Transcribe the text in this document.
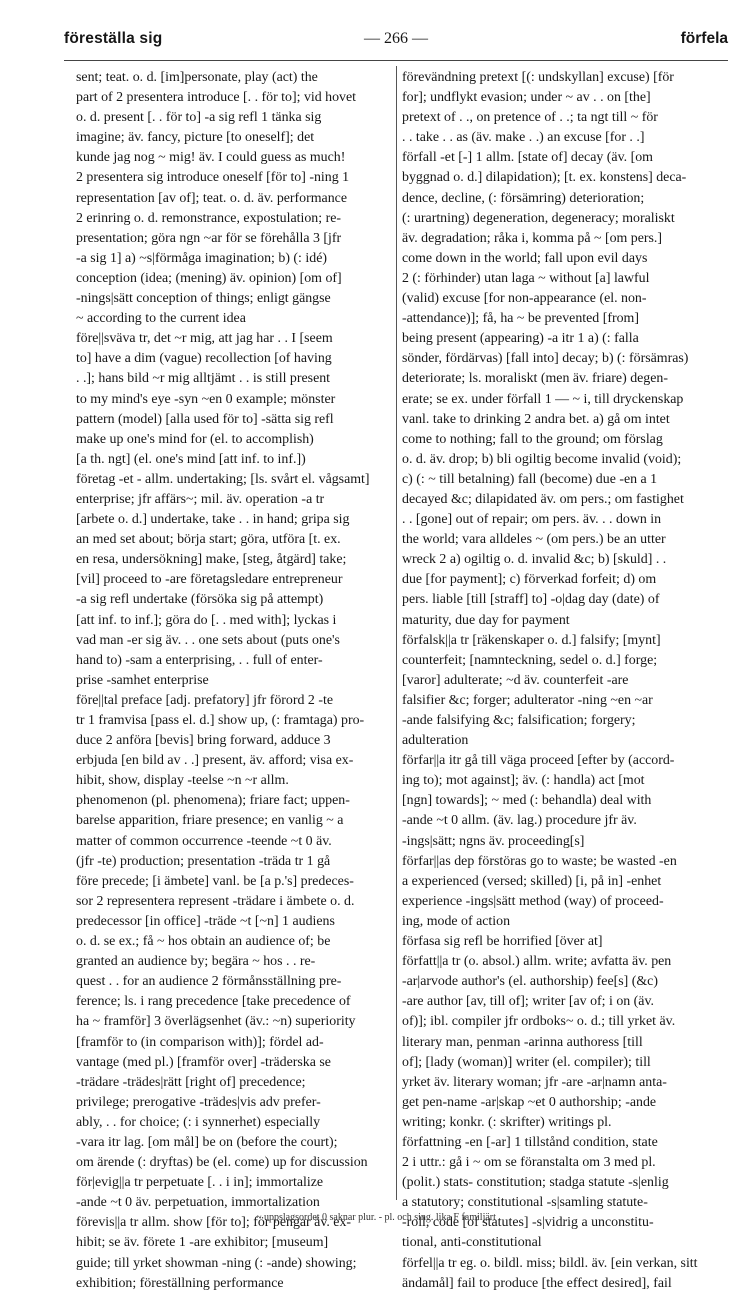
föreställa sig	— 266 —	förfela
sent; teat. o. d. [im]personate, play (act) the
part of 2 presentera introduce [. . för to]; vid hovet
o. d. present [. . för to] -a sig refl 1 tänka sig
imagine; äv. fancy, picture [to oneself]; det
kunde jag nog ~ mig! äv. I could guess as much!
2 presentera sig introduce oneself [för to] -ning 1
representation [av of]; teat. o. d. äv. performance
2 erinring o. d. remonstrance, expostulation; re-
presentation; göra ngn ~ar för se förehålla 3 [jfr
-a sig 1] a) ~s|förmåga imagination; b) (: idé)
conception (idea; (mening) äv. opinion) [om of]
-nings|sätt conception of things; enligt gängse
~ according to the current idea
före||sväva tr, det ~r mig, att jag har . . I [seem
to] have a dim (vague) recollection [of having
. .]; hans bild ~r mig alltjämt . . is still present
to my mind's eye -syn ~en 0 example; mönster
pattern (model) [alla used för to] -sätta sig refl
make up one's mind for (el. to accomplish)
[a th. ngt] (el. one's mind [att inf. to inf.])
företag -et - allm. undertaking; [ls. svårt el. vågsamt]
enterprise; jfr affärs~; mil. äv. operation -a tr
[arbete o. d.] undertake, take . . in hand; gripa sig
an med set about; börja start; göra, utföra [t. ex.
en resa, undersökning] make, [steg, åtgärd] take;
[vil] proceed to -are företagsledare entrepreneur
-a sig refl undertake (försöka sig på attempt)
[att inf. to inf.]; göra do [. . med with]; lyckas i
vad man -er sig äv. . . one sets about (puts one's
hand to) -sam a enterprising, . . full of enter-
prise -samhet enterprise
före||tal preface [adj. prefatory] jfr förord 2 -te
tr 1 framvisa [pass el. d.] show up, (: framtaga) pro-
duce 2 anföra [bevis] bring forward, adduce 3
erbjuda [en bild av . .] present, äv. afford; visa ex-
hibit, show, display -teelse ~n ~r allm.
phenomenon (pl. phenomena); friare fact; uppen-
barelse apparition, friare presence; en vanlig ~ a
matter of common occurrence -teende ~t 0 äv.
(jfr -te) production; presentation -träda tr 1 gå
före precede; [i ämbete] vanl. be [a p.'s] predeces-
sor 2 representera represent -trädare i ämbete o. d.
predecessor [in office] -träde ~t [~n] 1 audiens
o. d. se ex.; få ~ hos obtain an audience of; be
granted an audience by; begära ~ hos . . re-
quest . . for an audience 2 förmånsställning pre-
ference; ls. i rang precedence [take precedence of
ha ~ framför] 3 överlägsenhet (äv.: ~n) superiority
[framför to (in comparison with)]; fördel ad-
vantage (med pl.) [framför over] -träderska se
-trädare -trädes|rätt [right of] precedence;
privilege; prerogative -trädes|vis adv prefer-
ably, . . for choice; (: i synnerhet) especially
-vara itr lag. [om mål] be on (before the court);
om ärende (: dryftas) be (el. come) up for discussion
för|evig||a tr perpetuate [. . i in]; immortalize
-ande ~t 0 äv. perpetuation, immortalization
förevis||a tr allm. show [för to]; för pengar äv. ex-
hibit; se äv. förete 1 -are exhibitor; [museum]
guide; till yrket showman -ning (: -ande) showing;
exhibition; föreställning performance
förevändning pretext [(: undskyllan] excuse) [för
for]; undflykt evasion; under ~ av . . on [the]
pretext of . ., on pretence of . .; ta ngt till ~ för
. . take . . as (äv. make . .) an excuse [for . .]
förfall -et [-] 1 allm. [state of] decay (äv. [om
byggnad o. d.] dilapidation); [t. ex. konstens] deca-
dence, decline, (: försämring) deterioration;
(: urartning) degeneration, degeneracy; moraliskt
äv. degradation; råka i, komma på ~ [om pers.]
come down in the world; fall upon evil days
2 (: förhinder) utan laga ~ without [a] lawful
(valid) excuse [for non-appearance (el. non-
-attendance)]; få, ha ~ be prevented [from]
being present (appearing) -a itr 1 a) (: falla
sönder, fördärvas) [fall into] decay; b) (: försämras)
deteriorate; ls. moraliskt (men äv. friare) degen-
erate; se ex. under förfall 1 — ~ i, till dryckenskap
vanl. take to drinking 2 andra bet. a) gå om intet
come to nothing; fall to the ground; om förslag
o. d. äv. drop; b) bli ogiltig become invalid (void);
c) (: ~ till betalning) fall (become) due -en a 1
decayed &c; dilapidated äv. om pers.; om fastighet
. . [gone] out of repair; om pers. äv. . . down in
the world; vara alldeles ~ (om pers.) be an utter
wreck 2 a) ogiltig o. d. invalid &c; b) [skuld] . .
due [for payment]; c) förverkad forfeit; d) om
pers. liable [till [straff] to] -o|dag day (date) of
maturity, due day for payment
förfalsk||a tr [räkenskaper o. d.] falsify; [mynt]
counterfeit; [namnteckning, sedel o. d.] forge;
[varor] adulterate; ~d äv. counterfeit -are
falsifier &c; forger; adulterator -ning ~en ~ar
-ande falsifying &c; falsification; forgery;
adulteration
förfar||a itr gå till väga proceed [efter by (accord-
ing to); mot against]; äv. (: handla) act [mot
[ngn] towards]; ~ med (: behandla) deal with
-ande ~t 0 allm. (äv. lag.) procedure jfr äv.
-ings|sätt; ngns äv. proceeding[s]
förfar||as dep förstöras go to waste; be wasted -en
a experienced (versed; skilled) [i, på in] -enhet
experience -ings|sätt method (way) of proceed-
ing, mode of action
förfasa sig refl be horrified [över at]
författ||a tr (o. absol.) allm. write; avfatta äv. pen
-ar|arvode author's (el. authorship) fee[s] (&c)
-are author [av, till of]; writer [av of; i on (äv.
of)]; ibl. compiler jfr ordboks~ o. d.; till yrket äv.
literary man, penman -arinna authoress [till
of]; [lady (woman)] writer (el. compiler); till
yrket äv. literary woman; jfr -are -ar|namn anta-
get pen-name -ar|skap ~et 0 authorship; -ande
writing; konkr. (: skrifter) writings pl.
författning -en [-ar] 1 tillstånd condition, state
2 i uttr.: gå i ~ om se föranstalta om 3 med pl.
(polit.) stats- constitution; stadga statute -s|enlig
a statutory; constitutional -s|samling statute-
-roll, code [of statutes] -s|vidrig a unconstitu-
tional, anti-constitutional
förfel||a tr eg. o. bildl. miss; bildl. äv. [ein verkan, sitt
ändamål] fail to produce [the effect desired], fail
~ uppslagsordet 0 saknar plur. - pl. och sing. lika F familjärt
